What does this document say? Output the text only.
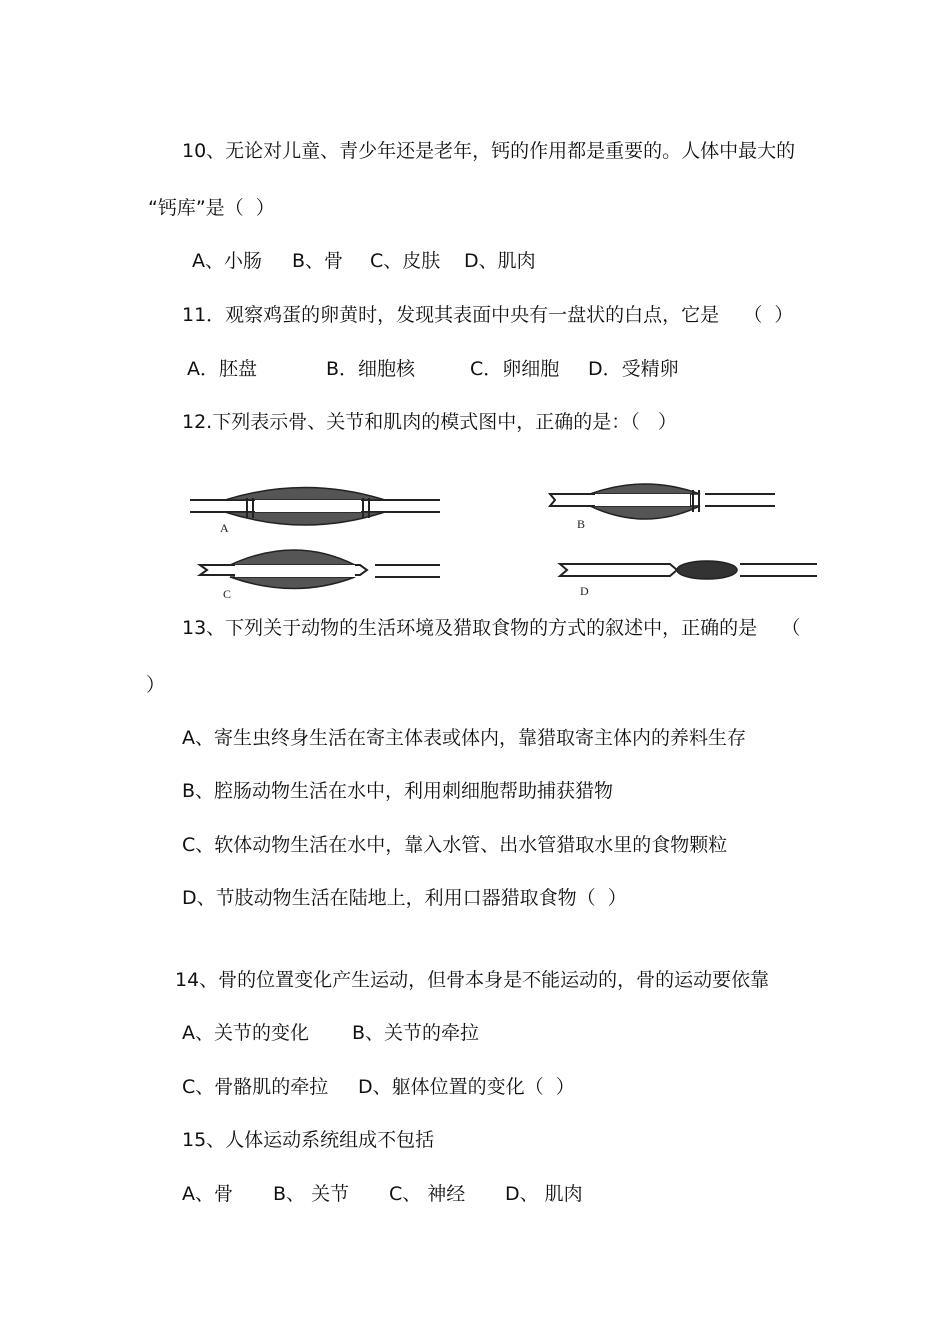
10、无论对儿童、青少年还是老年，钙的作用都是重要的。人体中最大的
“钙库”是（  ）
A、小肠 B、骨 C、皮肤 D、肌肉
11．观察鸡蛋的卵黄时，发现其表面中央有一盘状的白点，它是    （  ）
A．胚盘	B．细胞核	C．卵细胞 D．受精卵
12.下列表示骨、关节和肌肉的模式图中，正确的是：（   ）
A	B
C	D
13、下列关于动物的生活环境及猎取食物的方式的叙述中，正确的是    （
）
A、寄生虫终身生活在寄主体表或体内，靠猎取寄主体内的养料生存
B、腔肠动物生活在水中，利用刺细胞帮助捕获猎物
C、软体动物生活在水中，靠入水管、出水管猎取水里的食物颗粒
D、节肢动物生活在陆地上，利用口器猎取食物（  ）
14、骨的位置变化产生运动，但骨本身是不能运动的，骨的运动要依靠
A、关节的变化 B、关节的牵拉
C、骨骼肌的牵拉 D、躯体位置的变化（  ）
15、人体运动系统组成不包括
A、骨 B、 关节 C、 神经 D、 肌肉
